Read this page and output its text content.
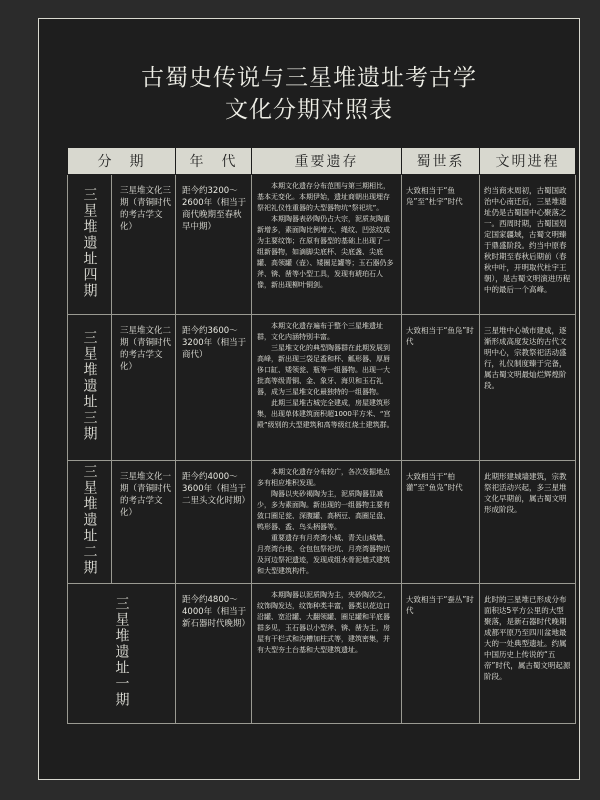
古蜀史传说与三星堆遗址考古学
文化分期对照表
分　期		年　代	重要遗存	蜀世系	文明进程
三星堆遗址四期	三星堆文化三期（青铜时代的考古学文化）	距今约3200～2600年（相当于商代晚期至春秋早中期）	本期文化遗存分布范围与第三期相比，基本无变化。本期伊始，遗址商朝出现埋存祭祀礼仪性重器的大型器物坑“祭祀坑”。

本期陶器表砂陶仍占大宗，泥质灰陶重新增多，素面陶比例增大，绳纹、凹弦纹成为主要纹饰；在原有器型的基础上出现了一组新器物，如滴脚尖底杯、尖底盏、尖底罐、高领罐（壶）、矮圈足罐等；玉石器仍多斧、锛、凿等小型工具，发现有琥珀石人像，新出现柳叶铜剑。	大致相当于“鱼凫”至“杜宇”时代	约当商末周初，古蜀国政治中心南迁后，三星堆遗址仍是古蜀国中心聚落之一。西周时期，古蜀国划定国家疆域，古蜀文明臻于鼎盛阶段。约当中原春秋时期至春秋后期前（春秋中叶，开明取代杜宇王朝），是古蜀文明演进历程中的最后一个高峰。
三星堆遗址三期	三星堆文化二期（青铜时代的考古学文化）	距今约3600～3200年（相当于商代）	本期文化遗存遍布于整个三星堆遗址群，文化内涵特别丰富。

三星堆文化的典型陶器群在此期发展到高峰，新出现三袋足盉和杯、觚形器、厚唇侈口缸、矮领瓮、瓶等一组器物。出现一大批高等级青铜、金、象牙、海贝和玉石礼器，成为三星堆文化最独特的一组器物。

此期三星堆古城完全建成，房屋建筑形集，出现单体建筑面积超1000平方米、“宫殿”级别的大型建筑和高等级红烧土建筑群。	大致相当于“鱼凫”时代	三星堆中心城市建成，逐渐形成高度发达的古代文明中心，宗教祭祀活动盛行，礼仪制度臻于完备，属古蜀文明最灿烂辉煌阶段。
三星堆遗址二期	三星堆文化一期（青铜时代的考古学文化）	距今约4000～3600年（相当于二里头文化时期）	本期文化遗存分布较广，各次发掘地点多有相应堆积发现。

陶器以夹砂褐陶为主，泥质陶器显减少，多为素面陶。新出现的一组器物主要有敛口圈足瓮、深腹罐、高柄豆、高圈足盘、鸭形器、盉、鸟头柄器等。

重要遗存有月亮湾小城、青关山城墙、月亮湾台地、仓包包祭祀坑、月亮湾器物坑及河边祭祀遗迹，发现成组水骨泥墙式建筑和大型建筑构件。	大致相当于“柏灌”至“鱼凫”时代	此期形建城墙建筑，宗教祭祀活动兴起，多三星堆文化早期前，属古蜀文明形成阶段。
三星堆遗址一期		距今约4800～4000年（相当于新石器时代晚期）	本期陶器以泥质陶为主，夹砂陶次之，纹饰陶发达，纹饰种类丰富，器类以花边口沿罐、宽沿罐、大翻领罐、圈足罐和平底器群多见，玉石器以小型斧、锛、凿为主，房屋有干栏式和沟槽加柱式等，建筑密集，并有大型夯土台基和大型建筑遗址。	大致相当于“蚕丛”时代	此时的三星堆已形成分布面积达5平方公里的大型聚落，是新石器时代晚期成都平原乃至四川盆地最大的一处典型遗址。约属中国历史上传说的“五帝”时代，属古蜀文明起源阶段。
